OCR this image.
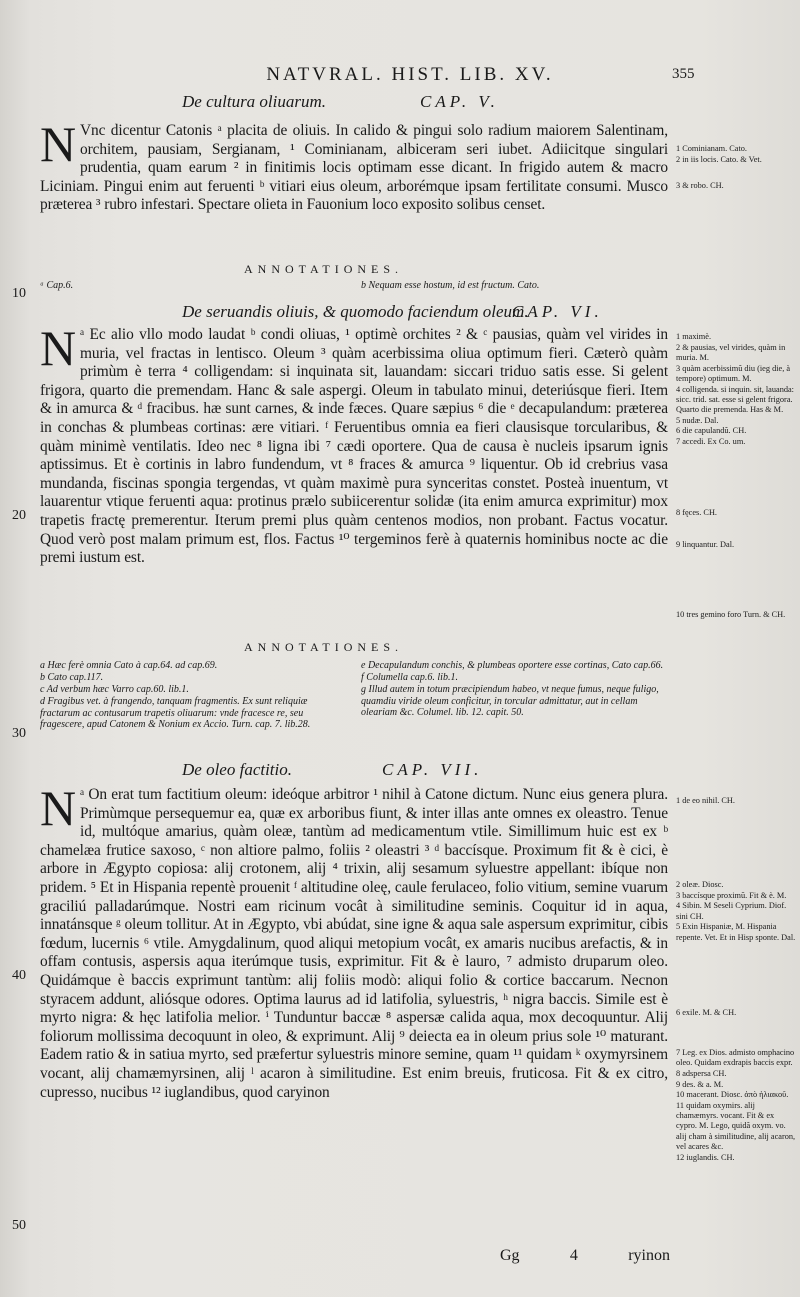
NATVRAL. HIST. LIB. XV.	355
De cultura oliuarum.	CAP. V.
N Vnc dicentur Catonis ᵃ placita de oliuis. In calido & pingui solo radium maiorem Salentinam, orchitem, pausiam, Sergianam, ¹ Cominianam, albiceram seri iubet. Adiicitque singulari prudentia, quam earum ² in finitimis locis optimam esse dicant. In frigido autem & macro Liciniam. Pingui enim aut feruenti ᵇ vitiari eius oleum, arborémque ipsam fertilitate consumi. Musco præterea ³ rubro infestari. Spectare olieta in Fauonium loco exposito solibus censet.
ANNOTATIONES.
10

ᵃ Cap.6.	b Nequam esse hostum, id est fructum. Cato.

De seruandis oliuis, & quomodo faciendum oleum.
CAP. VI.
20
N ᵃ Ec alio vllo modo laudat ᵇ condi oliuas, ¹ optimè orchites ² & ᶜ pausias, quàm vel virides in muria, vel fractas in lentisco. Oleum ³ quàm acerbissima oliua optimum fieri. Cæterò quàm primùm è terra ⁴ colligendam: si inquinata sit, lauandam: siccari triduo satis esse. Si gelent frigora, quarto die premendam. Hanc & sale aspergi. Oleum in tabulato minui, deteriúsque fieri. Item & in amurca & ᵈ fracibus. hæ sunt carnes, & inde fæces. Quare sæpius ⁶ die ᵉ decapulandum: præterea in conchas & plumbeas cortinas: ære vitiari. ᶠ Feruentibus omnia ea fieri clausisque torcularibus, & quàm minimè ventilatis. Ideo nec ⁸ ligna ibi ⁷ cædi oportere. Qua de causa è nucleis ipsarum ignis aptissimus. Et è cortinis in labro fundendum, vt ⁸ fraces & amurca ⁹ liquentur. Ob id crebrius vasa mundanda, fiscinas spongia tergendas, vt quàm maximè pura synceritas constet. Posteà inuentum, vt lauarentur vtique feruenti aqua: protinus prælo subiicerentur solidæ (ita enim amurca exprimitur) mox trapetis fractę premerentur. Iterum premi plus quàm centenos modios, non probant. Factus vocatur. Quod verò post malam primum est, flos. Factus ¹⁰ tergeminos ferè à quaternis hominibus nocte ac die premi iustum est.
ANNOTATIONES.
30

a Hæc ferè omnia Cato à cap.64. ad cap.69.

b Cato cap.117.

c Ad verbum hæc Varro cap.60. lib.1.

d Fragibus vet. à frangendo, tanquam fragmentis. Ex sunt reliquiæ fractarum ac contusarum trapetis oliuarum: vnde fracesce re, seu fragescere, apud Catonem & Nonium ex Accio. Turn. cap. 7. lib.28.

e Decapulandum conchis, & plumbeas oportere esse cortinas, Cato cap.66.

f Columella cap.6. lib.1.

g Illud autem in totum præcipiendum habeo, vt neque fumus, neque fuligo, quamdiu viride oleum conficitur, in torcular admittatur, aut in cellam oleariam &c. Columel. lib. 12. capit. 50.

De oleo factitio.	CAP. VII.
40
50
N ᵃ On erat tum factitium oleum: ideóque arbitror ¹ nihil à Catone dictum. Nunc eius genera plura. Primùmque persequemur ea, quæ ex arboribus fiunt, & inter illas ante omnes ex oleastro. Tenue id, multóque amarius, quàm oleæ, tantùm ad medicamentum vtile. Simillimum huic est ex ᵇ chamelæa frutice saxoso, ᶜ non altiore palmo, foliis ² oleastri ³ ᵈ baccísque. Proximum fit & è cici, è arbore in Ægypto copiosa: alij crotonem, alij ⁴ trixin, alij sesamum syluestre appellant: ibíque non pridem. ⁵ Et in Hispania repentè prouenit ᶠ altitudine oleę, caule ferulaceo, folio vitium, semine vuarum graciliú palladarúmque. Nostri eam ricinum vocât à similitudine seminis. Coquitur id in aqua, innatánsque ᵍ oleum tollitur. At in Ægypto, vbi abúdat, sine igne & aqua sale aspersum exprimitur, cibis fœdum, lucernis ⁶ vtile. Amygdalinum, quod aliqui metopium vocât, ex amaris nucibus arefactis, & in offam contusis, aspersis aqua iterúmque tusis, exprimitur. Fit & è lauro, ⁷ admisto druparum oleo. Quidámque è baccis exprimunt tantùm: alij foliis modò: aliqui folio & cortice baccarum. Necnon styracem addunt, aliósque odores. Optima laurus ad id latifolia, syluestris, ʰ nigra baccis. Simile est è myrto nigra: & hęc latifolia melior. ⁱ Tunduntur baccæ ⁸ aspersæ calida aqua, mox decoquuntur. Alij foliorum mollissima decoquunt in oleo, & exprimunt. Alij ⁹ deiecta ea in oleum prius sole ¹⁰ maturant. Eadem ratio & in satiua myrto, sed præfertur syluestris minore semine, quam ¹¹ quidam ᵏ oxymyrsinem vocant, alij chamæmyrsinen, alij ˡ acaron à similitudine. Est enim breuis, fruticosa. Fit & ex citro, cupresso, nucibus ¹² iuglandibus, quod caryinon

1 Cominianam. Cato.

2 in iis locis. Cato. & Vet.

3 & robo. CH.

1 maximè.

2 & pausias, vel virides, quàm in muria. M.

3 quàm acerbissimũ diu (ieg die, à tempore) optimum. M.

4 colligenda. si inquin. sit, lauanda: sicc. trid. sat. esse si gelent frigora. Quarto die premenda. Has & M.

5 nudæ. Dal.

6 die capulandũ. CH.

7 accedi. Ex Co. um.

8 fęces. CH.

9 linquantur. Dal.

10 tres gemino foro Turn. & CH.

1 de eo nihil. CH.

2 oleæ. Diosc.

3 baccísque proximũ. Fit & è. M.

4 Sibin. M Seseli Cyprium. Diof. sini CH.

5 Exin Hispaniæ, M. Hispania repente. Vet. Et in Hisp sponte. Dal.

6 exile. M. & CH.

7 Leg. ex Dios. admisto omphacino oleo. Quidam exdrapis baccis expr.

8 adspersa CH.

9 des. & a. M.

10 macerant. Diosc. ἀπὸ ἡλιακοῦ.

11 quidam oxymirs. alij chamæmyrs. vocant. Fit & ex cypro. M. Lego, quidã oxym. vo. alij cham à similitudine, alij acaron, vel acares &c.

12 iuglandis. CH.

Gg	4	ryinon
